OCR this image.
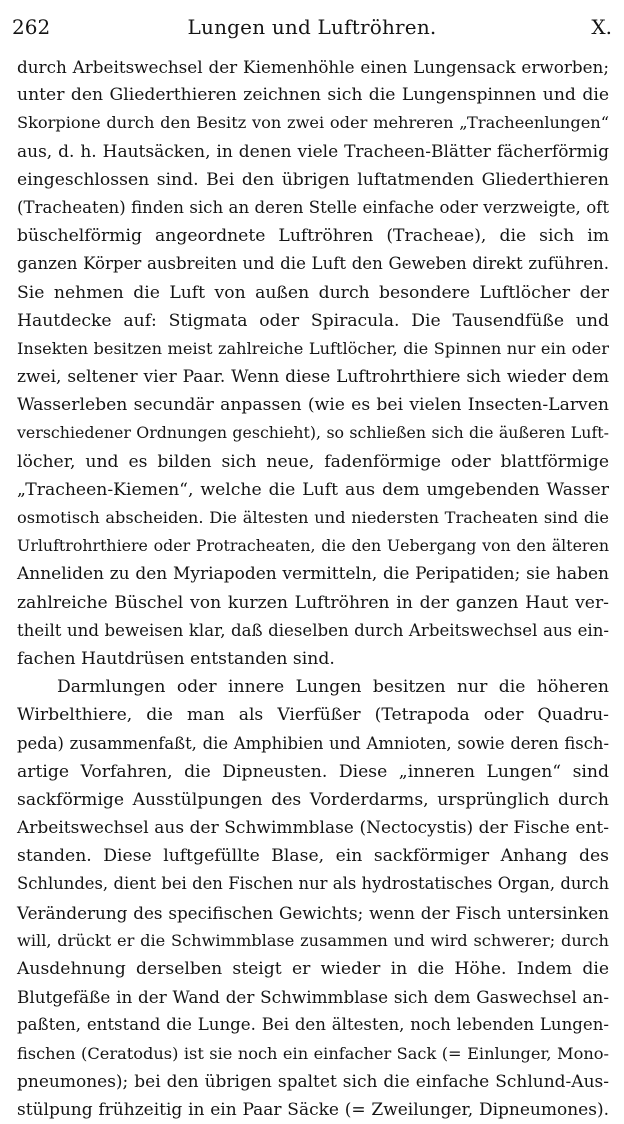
262	Lungen und Luftröhren.	X.
durch Arbeitswechsel der Kiemenhöhle einen Lungensack erworben;
unter den Gliederthieren zeichnen sich die Lungenspinnen und die
Skorpione durch den Besitz von zwei oder mehreren „Tracheenlungen“
aus, d. h. Hautsäcken, in denen viele Tracheen-Blätter fächerförmig
eingeschlossen sind. Bei den übrigen luftatmenden Gliederthieren
(Tracheaten) finden sich an deren Stelle einfache oder verzweigte, oft
büschelförmig angeordnete Luftröhren (Tracheae), die sich im
ganzen Körper ausbreiten und die Luft den Geweben direkt zuführen.
Sie nehmen die Luft von außen durch besondere Luftlöcher der
Hautdecke auf: Stigmata oder Spiracula. Die Tausendfüße und
Insekten besitzen meist zahlreiche Luftlöcher, die Spinnen nur ein oder
zwei, seltener vier Paar. Wenn diese Luftrohrthiere sich wieder dem
Wasserleben secundär anpassen (wie es bei vielen Insecten-Larven
verschiedener Ordnungen geschieht), so schließen sich die äußeren Luft-
löcher, und es bilden sich neue, fadenförmige oder blattförmige
„Tracheen-Kiemen“, welche die Luft aus dem umgebenden Wasser
osmotisch abscheiden. Die ältesten und niedersten Tracheaten sind die
Urluftrohrthiere oder Protracheaten, die den Uebergang von den älteren
Anneliden zu den Myriapoden vermitteln, die Peripatiden; sie haben
zahlreiche Büschel von kurzen Luftröhren in der ganzen Haut ver-
theilt und beweisen klar, daß dieselben durch Arbeitswechsel aus ein-
fachen Hautdrüsen entstanden sind.
Darmlungen oder innere Lungen besitzen nur die höheren
Wirbelthiere, die man als Vierfüßer (Tetrapoda oder Quadru-
peda) zusammenfaßt, die Amphibien und Amnioten, sowie deren fisch-
artige Vorfahren, die Dipneusten. Diese „inneren Lungen“ sind
sackförmige Ausstülpungen des Vorderdarms, ursprünglich durch
Arbeitswechsel aus der Schwimmblase (Nectocystis) der Fische ent-
standen. Diese luftgefüllte Blase, ein sackförmiger Anhang des
Schlundes, dient bei den Fischen nur als hydrostatisches Organ, durch
Veränderung des specifischen Gewichts; wenn der Fisch untersinken
will, drückt er die Schwimmblase zusammen und wird schwerer; durch
Ausdehnung derselben steigt er wieder in die Höhe. Indem die
Blutgefäße in der Wand der Schwimmblase sich dem Gaswechsel an-
paßten, entstand die Lunge. Bei den ältesten, noch lebenden Lungen-
fischen (Ceratodus) ist sie noch ein einfacher Sack (= Einlunger, Mono-
pneumones); bei den übrigen spaltet sich die einfache Schlund-Aus-
stülpung frühzeitig in ein Paar Säcke (= Zweilunger, Dipneumones).
